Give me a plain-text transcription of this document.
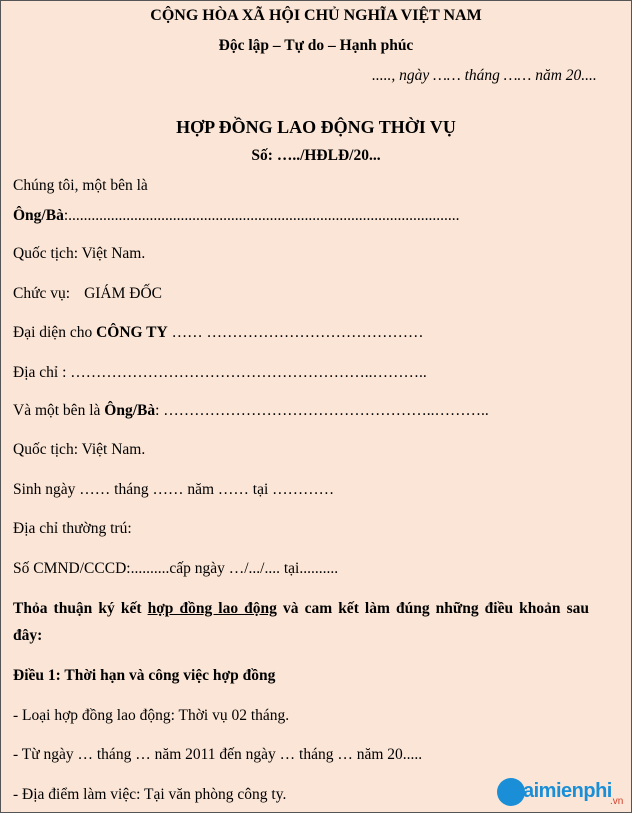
CỘNG HÒA XÃ HỘI CHỦ NGHĨA VIỆT NAM
Độc lập – Tự do – Hạnh phúc
....., ngày …… tháng …… năm 20....
HỢP ĐỒNG LAO ĐỘNG THỜI VỤ
Số: …../HĐLĐ/20...
Chúng tôi, một bên là
Ông/Bà:.....................................................................................................
Quốc tịch: Việt Nam.
Chức vụ: GIÁM ĐỐC
Đại diện cho CÔNG TY …… ……………………………………
Địa chỉ : …………………………………………………..………..
Và một bên là Ông/Bà: ……………………………………………..………..
Quốc tịch: Việt Nam.
Sinh ngày …… tháng …… năm …… tại …………
Địa chỉ thường trú:
Số CMND/CCCD:..........cấp ngày …/.../.... tại..........
Thỏa thuận ký kết hợp đồng lao động và cam kết làm đúng những điều khoản sau
đây:
Điều 1: Thời hạn và công việc hợp đồng
- Loại hợp đồng lao động: Thời vụ 02 tháng.
- Từ ngày … tháng … năm 2011 đến ngày … tháng … năm 20.....
- Địa điểm làm việc: Tại văn phòng công ty.	aimienphi
.vn
